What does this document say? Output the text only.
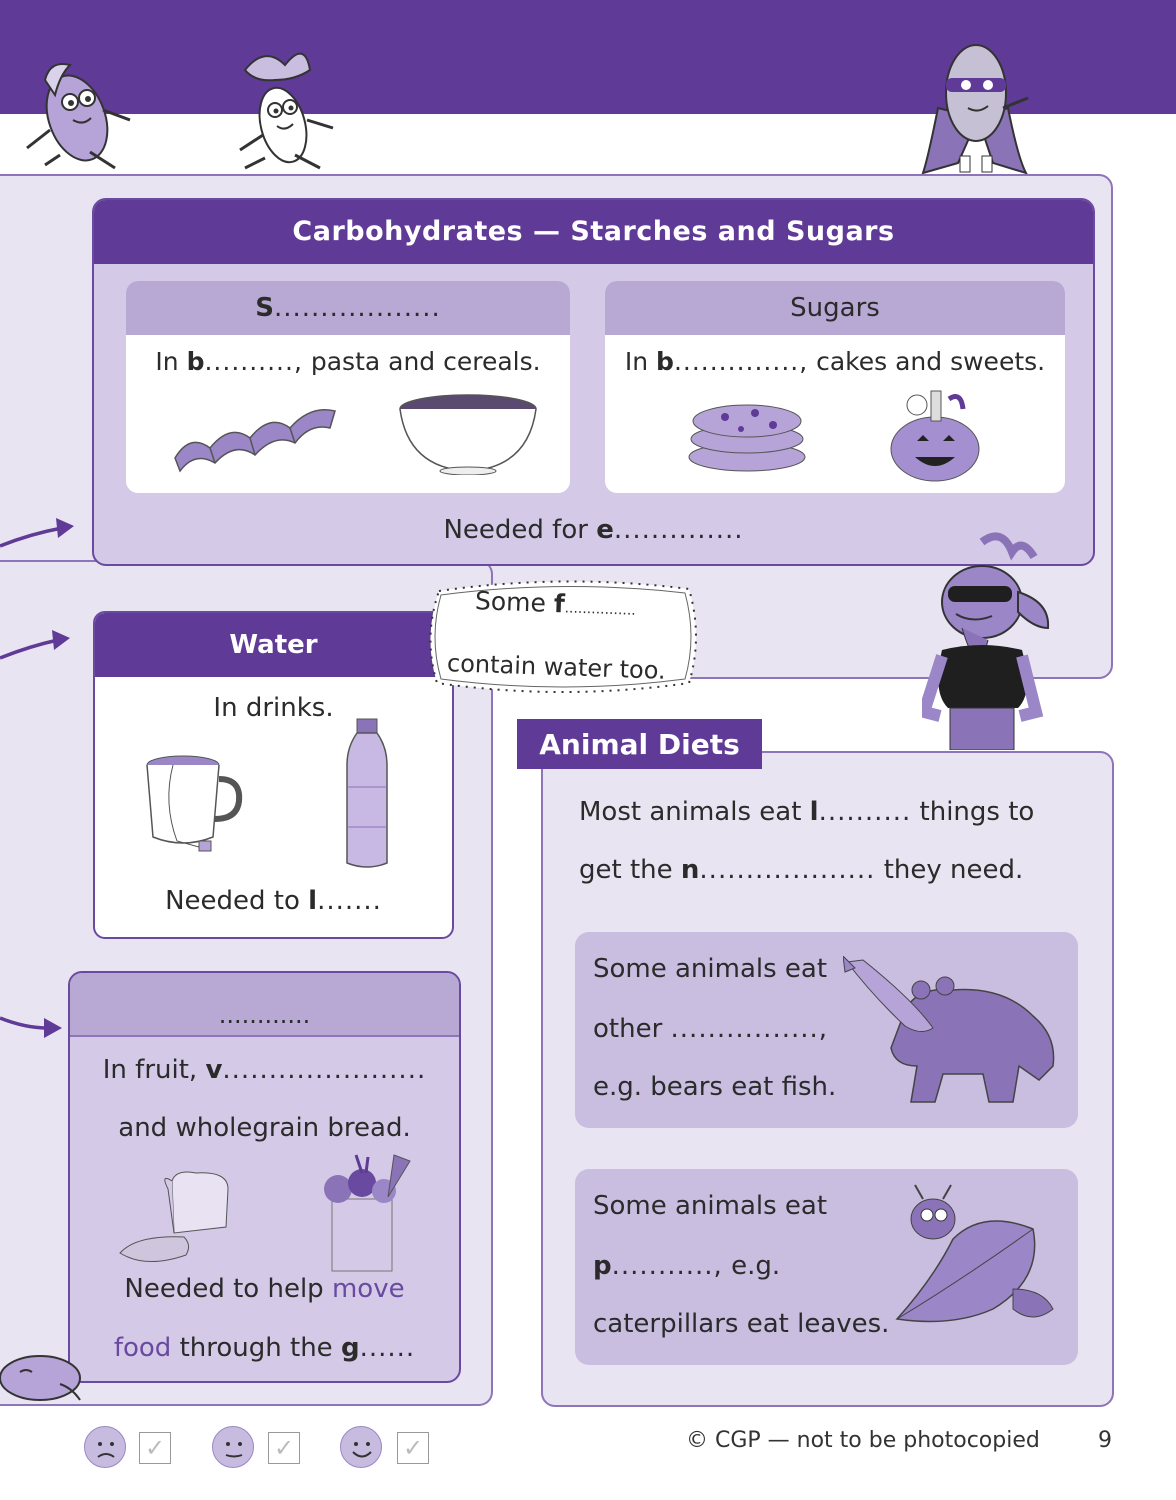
Carbohydrates — Starches and Sugars
S..................
In b.........., pasta and cereals.
Sugars
In b.............., cakes and sweets.
Needed for e..............
Water
In drinks.
Needed to l.......
Some f................
contain water too.
............
In fruit, v......................
and wholegrain bread.
Needed to help move
food through the g......
Animal Diets
Most animals eat l.......... things to
get the n................... they need.
Some animals eat
other ................,
e.g. bears eat fish.
Some animals eat
p..........., e.g.
caterpillars eat leaves.
✓	✓	✓	© CGP — not to be photocopied	9
